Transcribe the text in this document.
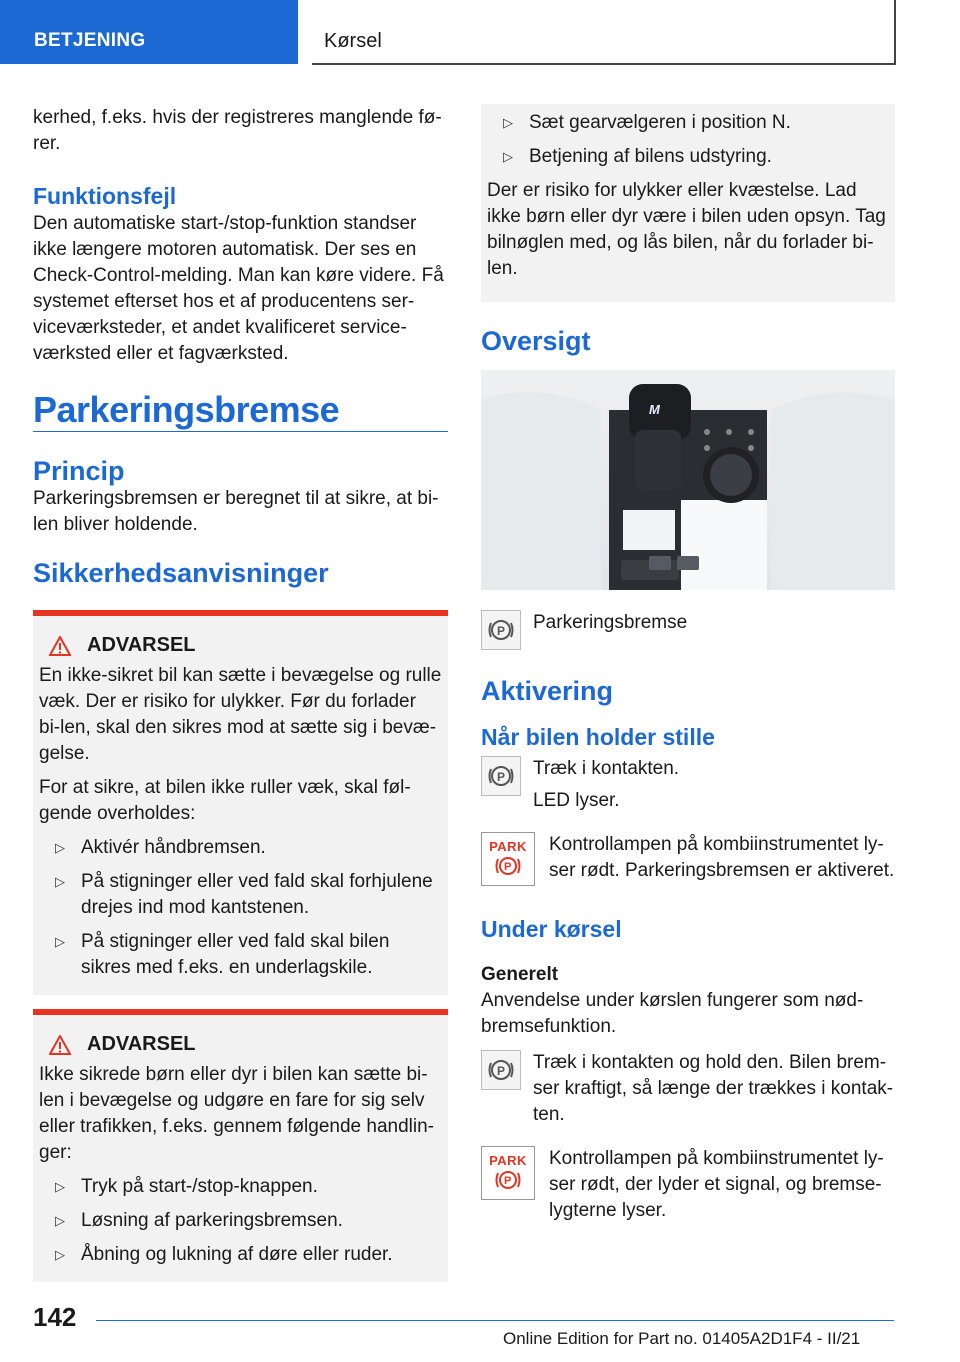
BETJENING	Kørsel

kerhed, f.eks. hvis der registreres manglende fø-rer.

Funktionsfejl

Den automatiske start-/stop-funktion standser ikke længere motoren automatisk. Der ses en Check-Control-melding. Man kan køre videre. Få systemet efterset hos et af producentens ser-viceværksteder, et andet kvalificeret service-værksted eller et fagværksted.

Parkeringsbremse

Princip

Parkeringsbremsen er beregnet til at sikre, at bi-len bliver holdende.

Sikkerhedsanvisninger

ADVARSEL

En ikke-sikret bil kan sætte i bevægelse og rulle væk. Der er risiko for ulykker. Før du forlader bi-len, skal den sikres mod at sætte sig i bevæ-gelse.

For at sikre, at bilen ikke ruller væk, skal føl-gende overholdes:

▷ Aktivér håndbremsen.
▷ På stigninger eller ved fald skal forhjulene drejes ind mod kantstenen.
▷ På stigninger eller ved fald skal bilen sikres med f.eks. en underlagskile.
ADVARSEL

Ikke sikrede børn eller dyr i bilen kan sætte bi-len i bevægelse og udgøre en fare for sig selv eller trafikken, f.eks. gennem følgende handlin-ger:

▷ Tryk på start-/stop-knappen.
▷ Løsning af parkeringsbremsen.
▷ Åbning og lukning af døre eller ruder.
▷ Sæt gearvælgeren i position N.
▷ Betjening af bilens udstyring.

Der er risiko for ulykker eller kvæstelse. Lad ikke børn eller dyr være i bilen uden opsyn. Tag bilnøglen med, og lås bilen, når du forlader bi-len.

Oversigt

M
P Parkeringsbremse

Aktivering

Når bilen holder stille

P Træk i kontakten.

LED lyser.

PARK
P

Kontrollampen på kombiinstrumentet ly-ser rødt. Parkeringsbremsen er aktiveret.

Under kørsel

Generelt

Anvendelse under kørslen fungerer som nød-bremsefunktion.

P Træk i kontakten og hold den. Bilen brem-ser kraftigt, så længe der trækkes i kontak-ten.

PARK
P

Kontrollampen på kombiinstrumentet ly-ser rødt, der lyder et signal, og bremse-lygterne lyser.

142
Online Edition for Part no. 01405A2D1F4 - II/21
